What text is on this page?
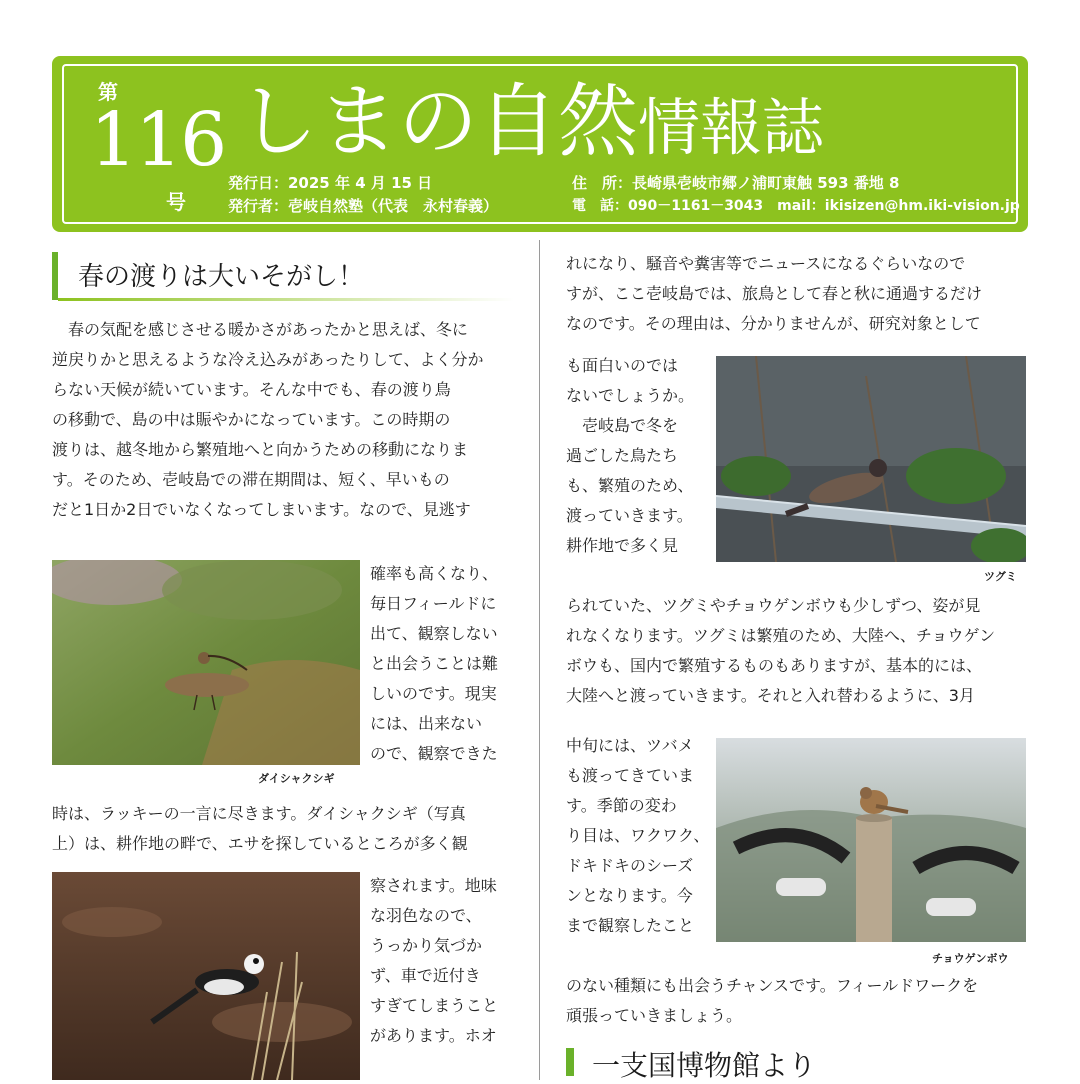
第
116
号
しまの自然情報誌
発行日：2025 年 4 月 15 日
発行者：壱岐自然塾（代表　永村春義）
住　所：長崎県壱岐市郷ノ浦町東触 593 番地 8
電　話：090－1161－3043　mail：ikisizen@hm.iki-vision.jp
春の渡りは大いそがし！
　春の気配を感じさせる暖かさがあったかと思えば、冬に
逆戻りかと思えるような冷え込みがあったりして、よく分か
らない天候が続いています。そんな中でも、春の渡り鳥
の移動で、島の中は賑やかになっています。この時期の
渡りは、越冬地から繁殖地へと向かうための移動になりま
す。そのため、壱岐島での滞在期間は、短く、早いもの
だと1日か2日でいなくなってしまいます。なので、見逃す
ダイシャクシギ
確率も高くなり、
毎日フィールドに
出て、観察しない
と出会うことは難
しいのです。現実
には、出来ない
ので、観察できた
時は、ラッキーの一言に尽きます。ダイシャクシギ（写真
上）は、耕作地の畔で、エサを探しているところが多く観
察されます。地味
な羽色なので、
うっかり気づか
ず、車で近付き
すぎてしまうこと
があります。ホオ
れになり、騒音や糞害等でニュースになるぐらいなので
すが、ここ壱岐島では、旅鳥として春と秋に通過するだけ
なのです。その理由は、分かりませんが、研究対象として
も面白いのでは
ないでしょうか。
　壱岐島で冬を
過ごした鳥たち
も、繁殖のため、
渡っていきます。
耕作地で多く見
ツグミ
られていた、ツグミやチョウゲンボウも少しずつ、姿が見
れなくなります。ツグミは繁殖のため、大陸へ、チョウゲン
ボウも、国内で繁殖するものもありますが、基本的には、
大陸へと渡っていきます。それと入れ替わるように、3月
中旬には、ツバメ
も渡ってきていま
す。季節の変わ
り目は、ワクワク、
ドキドキのシーズ
ンとなります。今
まで観察したこと
チョウゲンボウ
のない種類にも出会うチャンスです。フィールドワークを
頑張っていきましょう。
一支国博物館より
